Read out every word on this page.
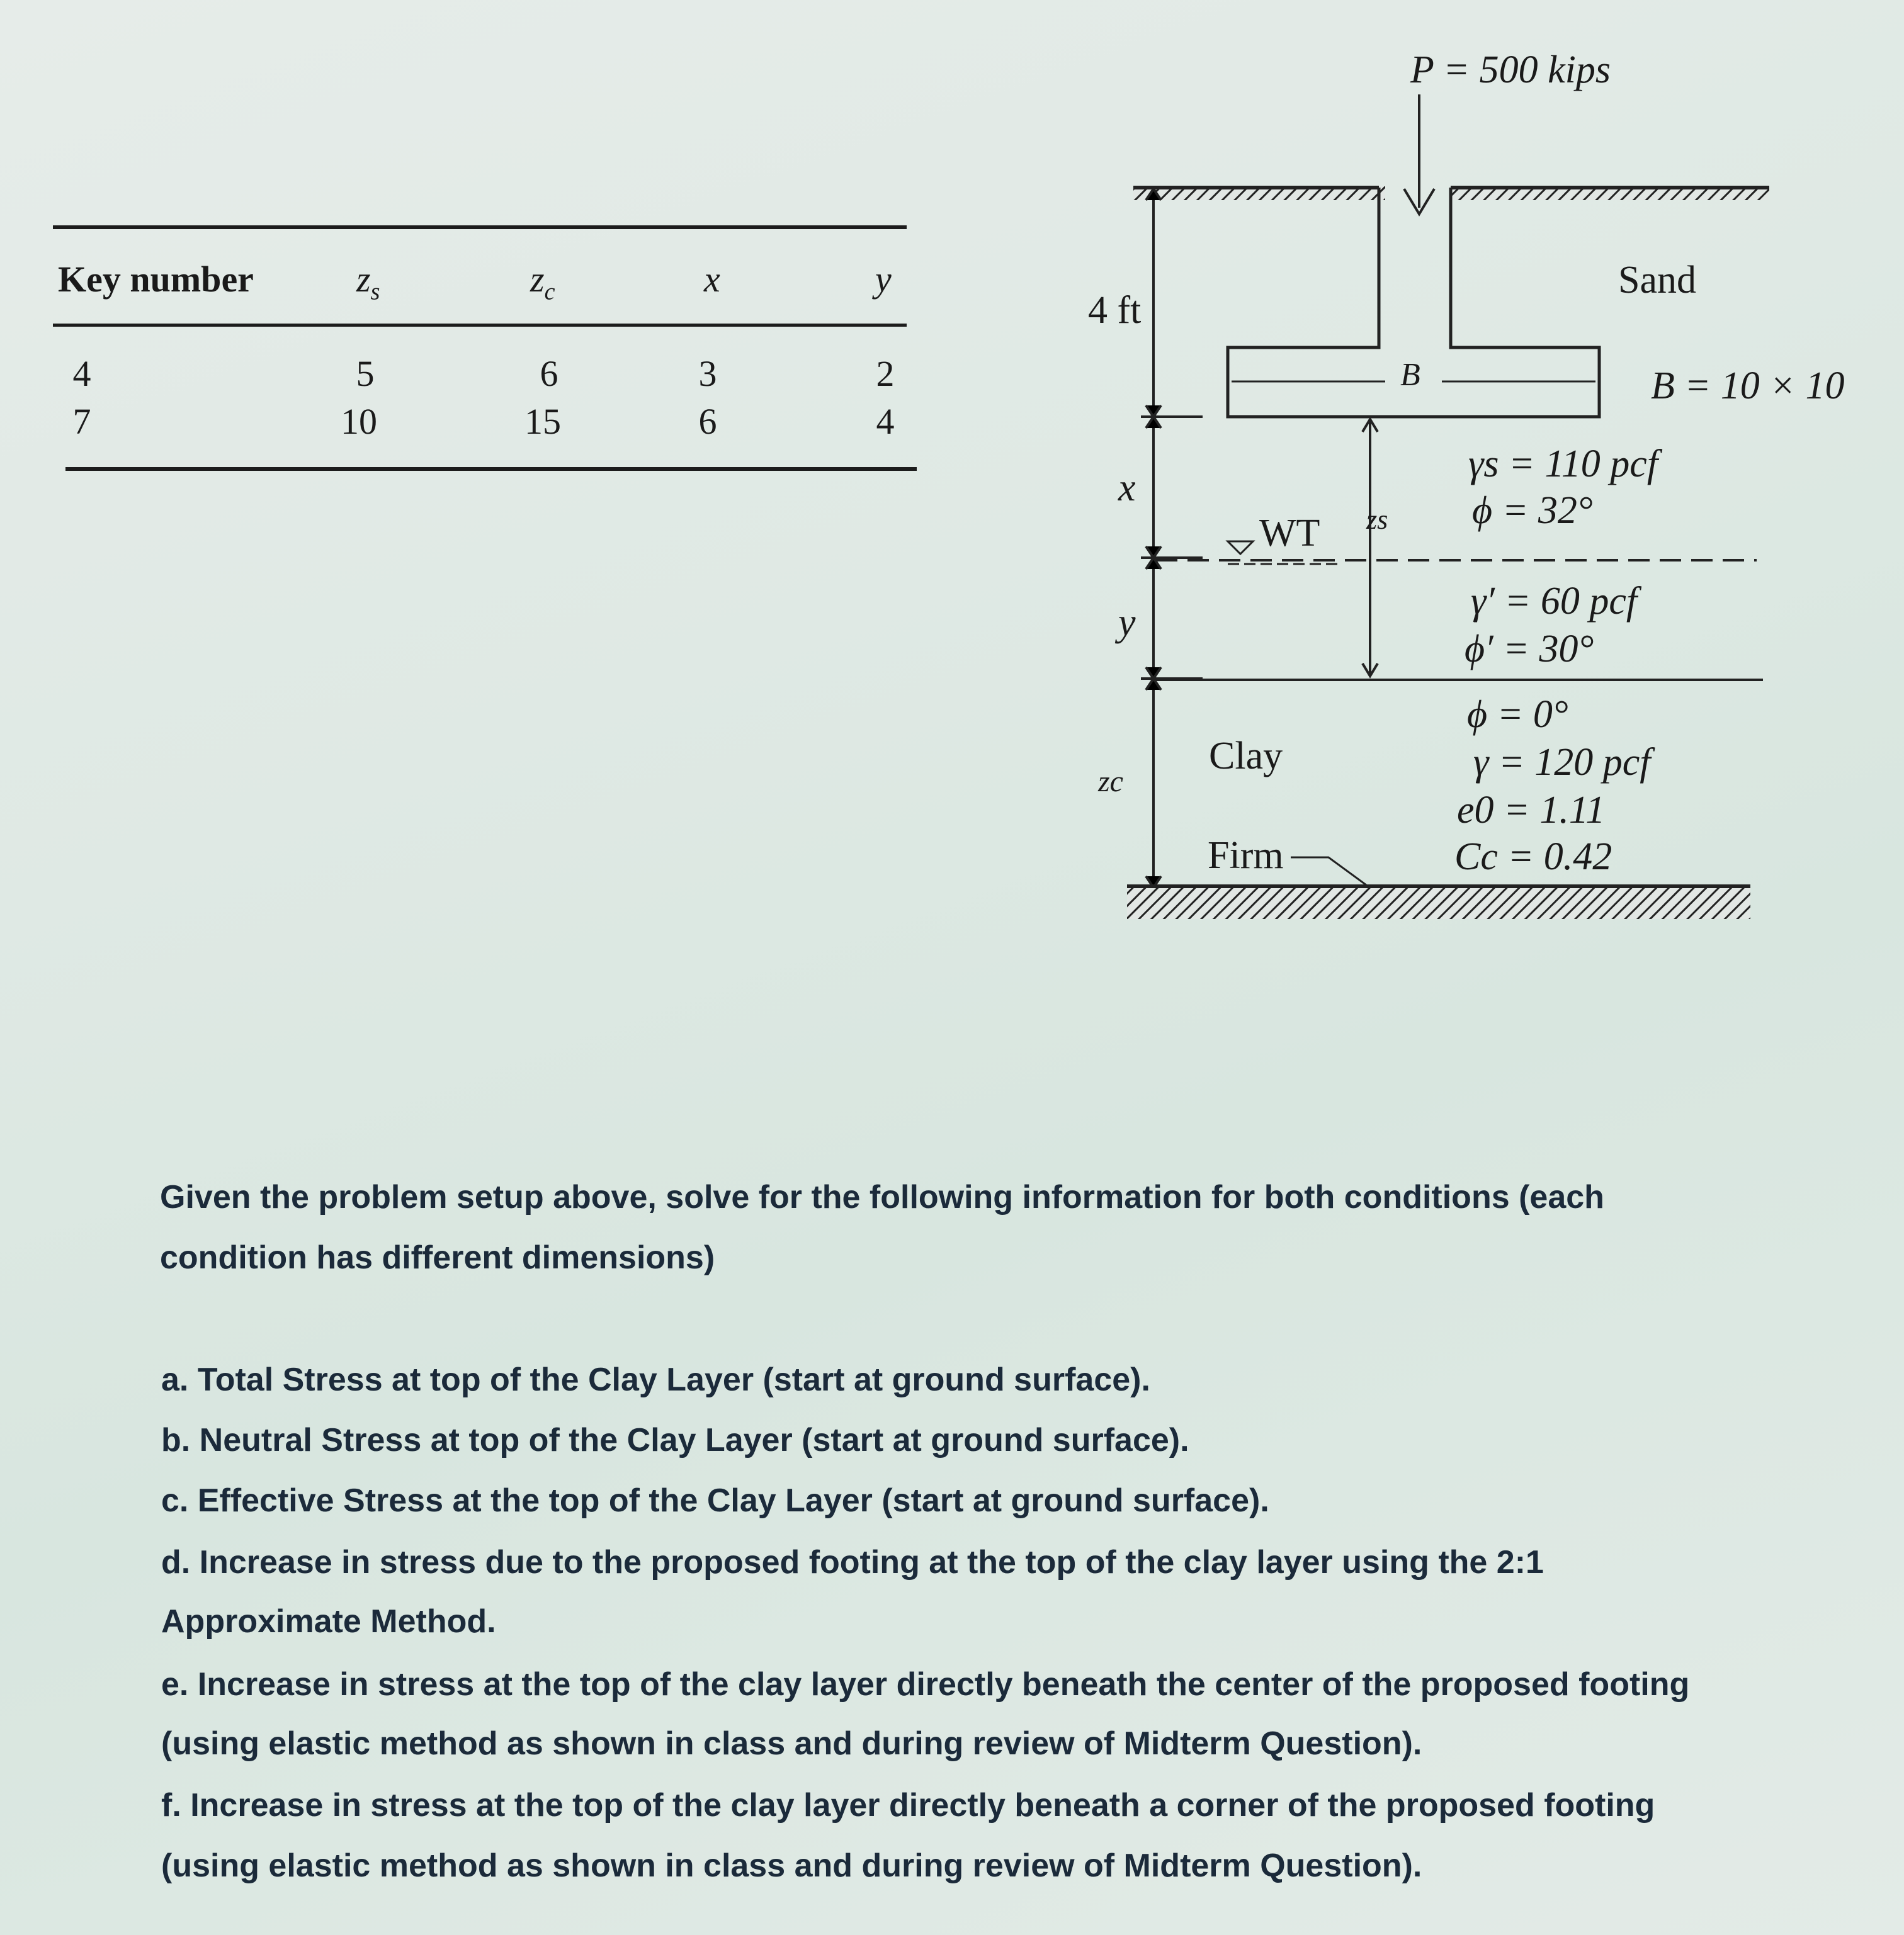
Key number	$z_s$	$z_c$	x	y
4	5	6	3	2
7	10	15	6	4
P = 500 kips
Sand
4 ft
B	B = 10 × 10
γs = 110 pcf
ϕ = 32°
x
WT zs
y	γ′ = 60 pcf
ϕ′ = 30°
ϕ = 0°
Clay	γ = 120 pcf
zc
e0 = 1.11
Firm	Cc = 0.42
Given the problem setup above, solve for the following information for both conditions (each
condition has different dimensions)
a. Total Stress at top of the Clay Layer (start at ground surface).
b. Neutral Stress at top of the Clay Layer (start at ground surface).
c. Effective Stress at the top of the Clay Layer (start at ground surface).
d. Increase in stress due to the proposed footing at the top of the clay layer using the 2:1
Approximate Method.
e. Increase in stress at the top of the clay layer directly beneath the center of the proposed footing
(using elastic method as shown in class and during review of Midterm Question).
f. Increase in stress at the top of the clay layer directly beneath a corner of the proposed footing
(using elastic method as shown in class and during review of Midterm Question).
